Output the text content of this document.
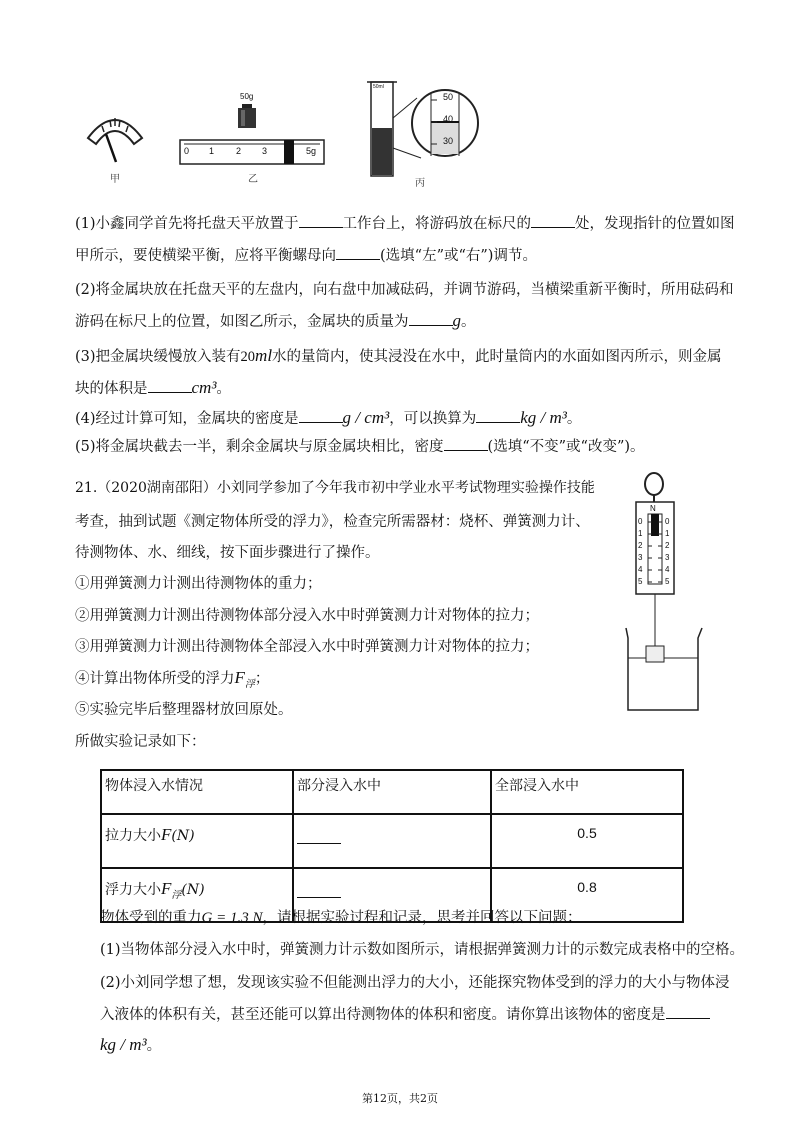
甲
50g
0 1 2 3 4 5g
乙
50ml
50
40
30
丙
(1)小鑫同学首先将托盘天平放置于	工作台上，将游码放在标尺的	处，发现指针的位置如图
甲所示，要使横梁平衡，应将平衡螺母向	(选填“左”或“右”)调节。
(2)将金属块放在托盘天平的左盘内，向右盘中加减砝码，并调节游码，当横梁重新平衡时，所用砝码和
游码在标尺上的位置，如图乙所示，金属块的质量为	g。
(3)把金属块缓慢放入装有20ml水的量筒内，使其浸没在水中，此时量筒内的水面如图丙所示，则金属
块的体积是	cm³。
(4)经过计算可知，金属块的密度是	g / cm³，可以换算为	kg / m³。
(5)将金属块截去一半，剩余金属块与原金属块相比，密度	(选填“不变”或“改变”)。
21.（2020湖南邵阳）小刘同学参加了今年我市初中学业水平考试物理实验操作技能
考查，抽到试题《测定物体所受的浮力》，检查完所需器材：烧杯、弹簧测力计、
待测物体、水、细线，按下面步骤进行了操作。
①用弹簧测力计测出待测物体的重力；
②用弹簧测力计测出待测物体部分浸入水中时弹簧测力计对物体的拉力；
③用弹簧测力计测出待测物体全部浸入水中时弹簧测力计对物体的拉力；
④计算出物体所受的浮力$F_浮$；
⑤实验完毕后整理器材放回原处。
所做实验记录如下：
N
0
1
2
3
4
5
0
1
2
3
4
5
物体浸入水情况	部分浸入水中	全部浸入水中
拉力大小F(N)		0.5
浮力大小$F_浮(N)$		0.8
物体受到的重力G = 1.3 N，请根据实验过程和记录，思考并回答以下问题：
(1)当物体部分浸入水中时，弹簧测力计示数如图所示，请根据弹簧测力计的示数完成表格中的空格。
(2)小刘同学想了想，发现该实验不但能测出浮力的大小，还能探究物体受到的浮力的大小与物体浸
入液体的体积有关，甚至还能可以算出待测物体的体积和密度。请你算出该物体的密度是
kg / m³。
第12页，共2页
